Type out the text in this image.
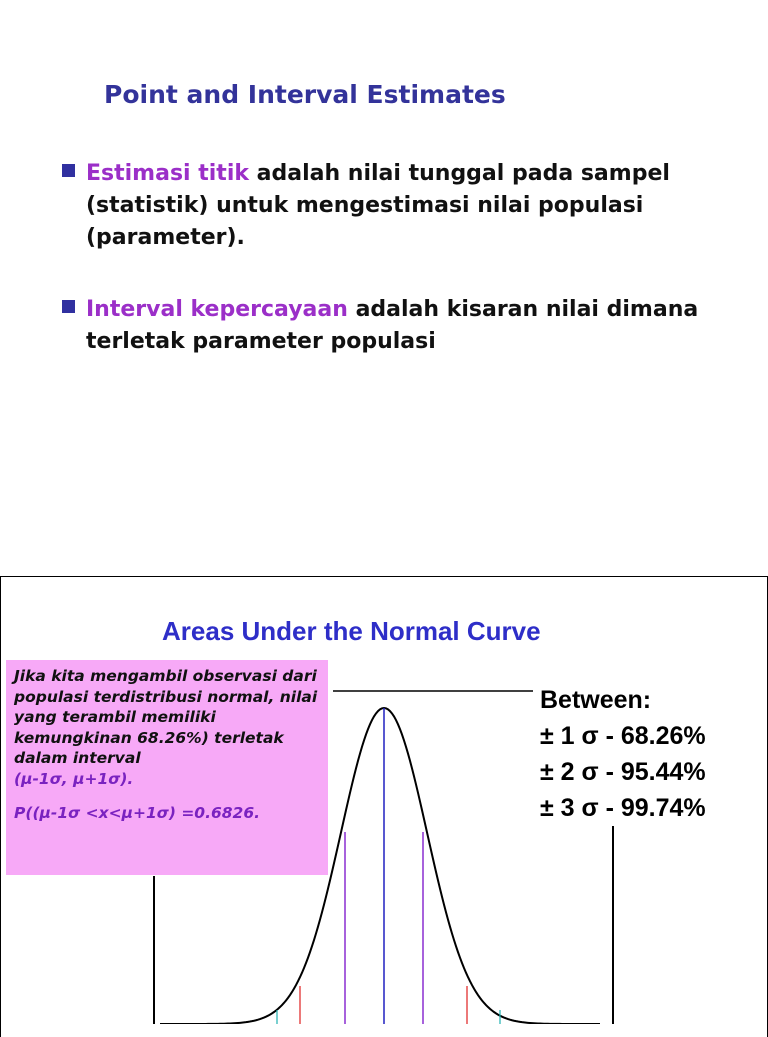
Point and Interval Estimates
Estimasi titik adalah nilai tunggal pada sampel (statistik) untuk mengestimasi nilai populasi (parameter).
Interval kepercayaan adalah kisaran nilai dimana terletak parameter populasi
Areas Under the Normal Curve
Jika kita mengambil observasi dari populasi terdistribusi normal, nilai yang terambil memiliki kemungkinan 68.26%) terletak dalam interval
(μ-1σ, μ+1σ).
P((μ-1σ <x<μ+1σ) =0.6826.
Between:
± 1 σ - 68.26%
± 2 σ - 95.44%
± 3 σ - 99.74%
